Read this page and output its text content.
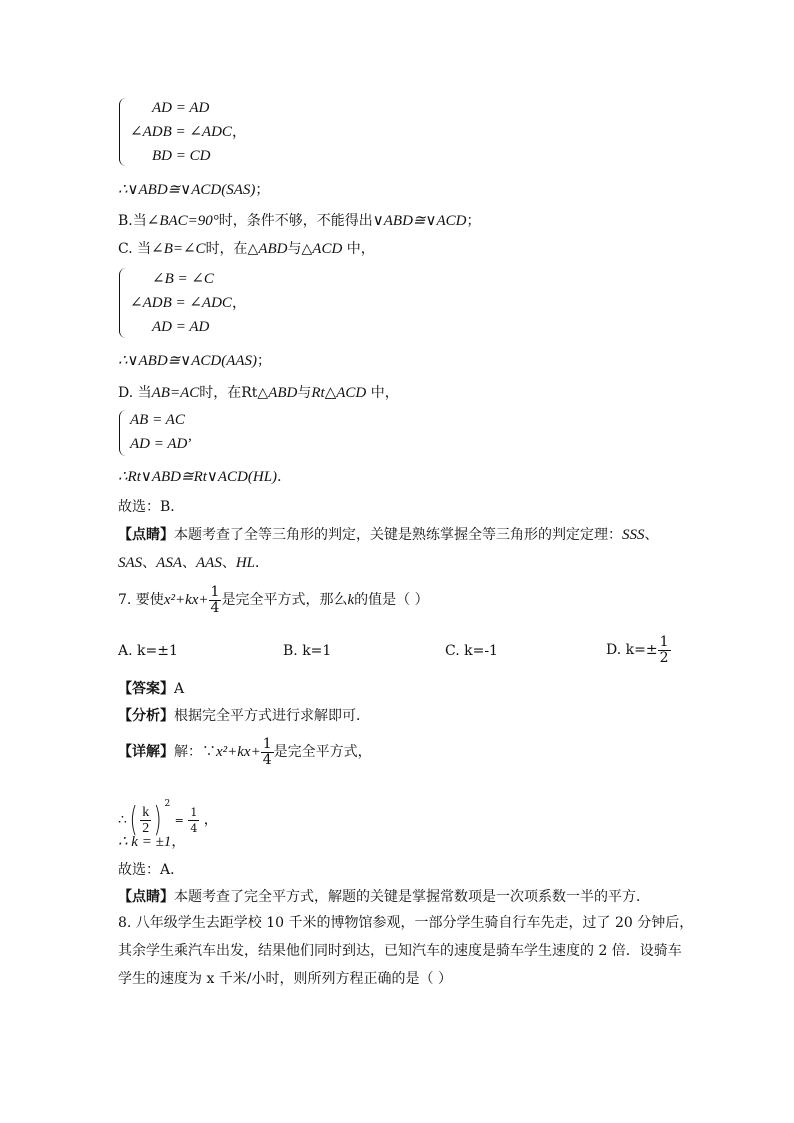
AD = AD
∠ADB = ∠ADC，
BD = CD
∴∨ABD≅∨ACD(SAS)；
B.当∠BAC=90°时，条件不够，不能得出∨ABD≅∨ACD；
C. 当∠B=∠C时，在△ABD与△ACD 中，
∠B = ∠C
∠ADB = ∠ADC，
AD = AD
∴∨ABD≅∨ACD(AAS)；
D. 当AB=AC时，在Rt△ABD与Rt△ACD 中，
AB = AC
AD = AD’
∴Rt∨ABD≅Rt∨ACD(HL)．
故选：B．
【点睛】本题考查了全等三角形的判定，关键是熟练掌握全等三角形的判定定理：SSS、
SAS、ASA、AAS、HL．
7. 要使$x^2+kx+ \frac{1}{4}$ 是完全平方式，那么k的值是（ ）
A. k=±1	B. k=1	C. k=-1	D. $k=\pm \frac{1}{2}$
【答案】A
【分析】根据完全平方式进行求解即可．
【详解】解：∵x²+kx+ $\frac{1}{4}$ 是完全平方式，
∴( $\frac{k}{2}$ ) $^2 = \frac{1}{4}$ ，
∴ k = ±1，
故选：A．
【点睛】本题考查了完全平方式，解题的关键是掌握常数项是一次项系数一半的平方．
8. 八年级学生去距学校 10 千米的博物馆参观，一部分学生骑自行车先走，过了 20 分钟后，
其余学生乘汽车出发，结果他们同时到达，已知汽车的速度是骑车学生速度的 2 倍．设骑车
学生的速度为 x 千米/小时，则所列方程正确的是（ ）
